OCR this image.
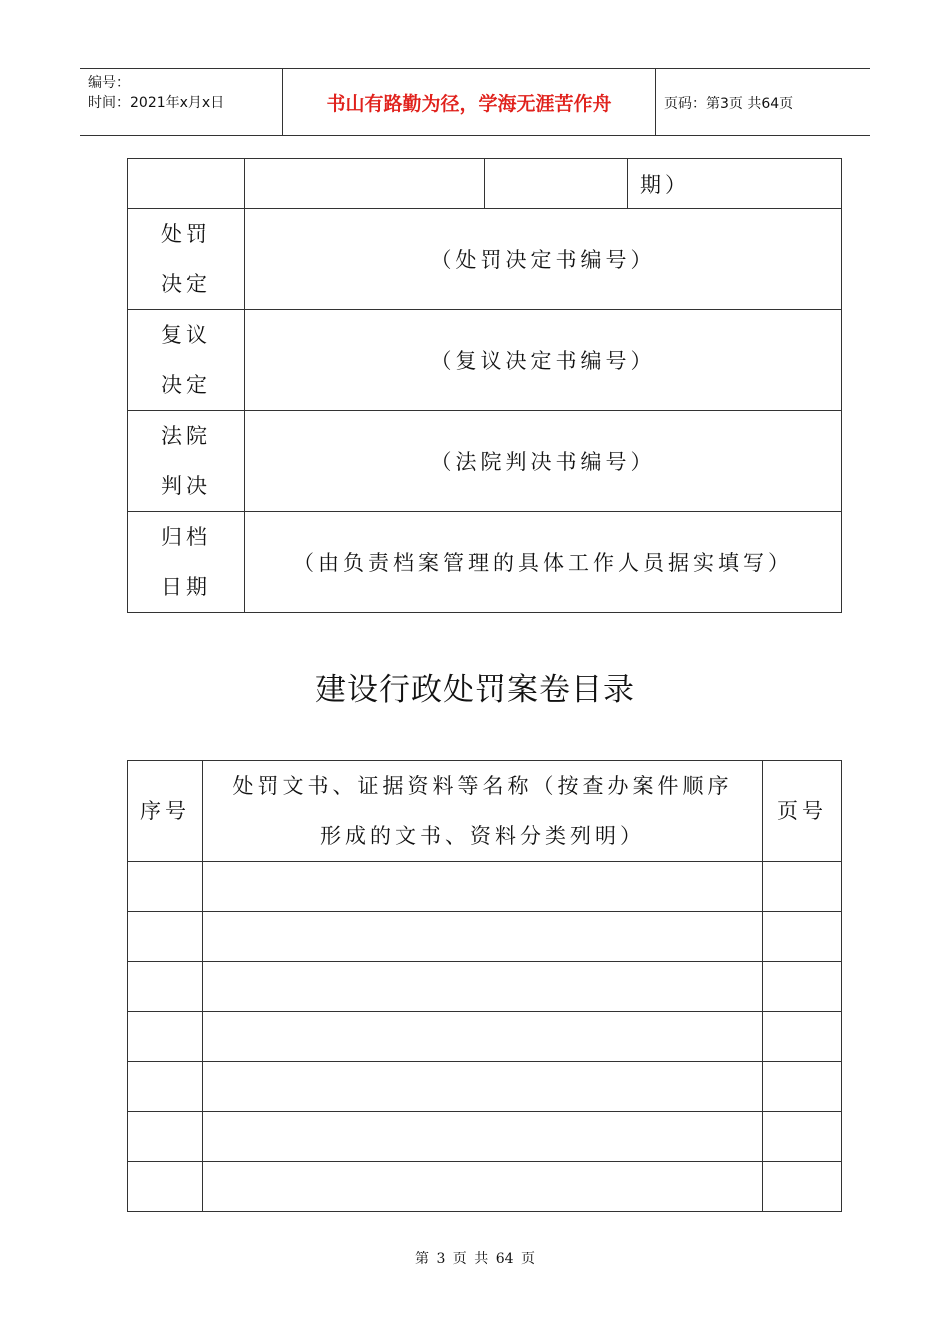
编号：
时间：2021年x月x日	书山有路勤为径，学海无涯苦作舟	页码：第3页 共64页
			期）

处罚
决定	（处罚决定书编号）		

复议
决定	（复议决定书编号）		

法院
判决	（法院判决书编号）		

归档
日期	（由负责档案管理的具体工作人员据实填写）		
建设行政处罚案卷目录
序号	处罚文书、证据资料等名称（按查办案件顺序
形成的文书、资料分类列明）	页号

第 3 页 共 64 页
